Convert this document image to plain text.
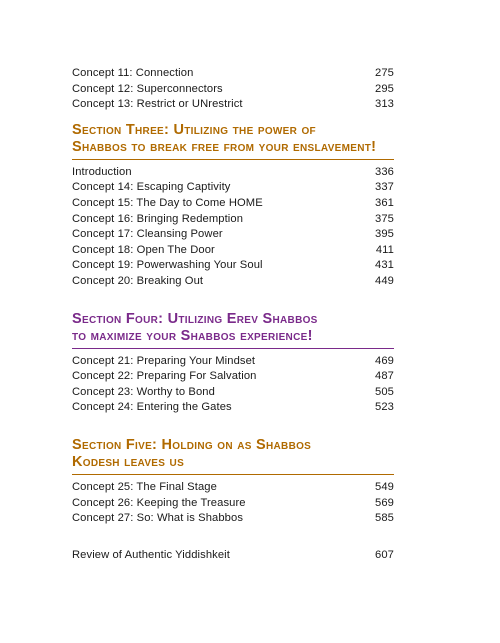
Concept 11: Connection	275
Concept 12: Superconnectors	295
Concept 13: Restrict or UNrestrict	313
Section Three: Utilizing the power of
Shabbos to break free from your enslavement!
Introduction	336
Concept 14: Escaping Captivity	337
Concept 15: The Day to Come HOME	361
Concept 16: Bringing Redemption	375
Concept 17: Cleansing Power	395
Concept 18: Open The Door	411
Concept 19: Powerwashing Your Soul	431
Concept 20: Breaking Out	449
Section Four: Utilizing Erev Shabbos
to maximize your Shabbos experience!
Concept 21: Preparing Your Mindset	469
Concept 22: Preparing For Salvation	487
Concept 23: Worthy to Bond	505
Concept 24: Entering the Gates	523
Section Five: Holding on as Shabbos
Kodesh leaves us
Concept 25: The Final Stage	549
Concept 26: Keeping the Treasure	569
Concept 27: So: What is Shabbos	585
Review of Authentic Yiddishkeit	607
